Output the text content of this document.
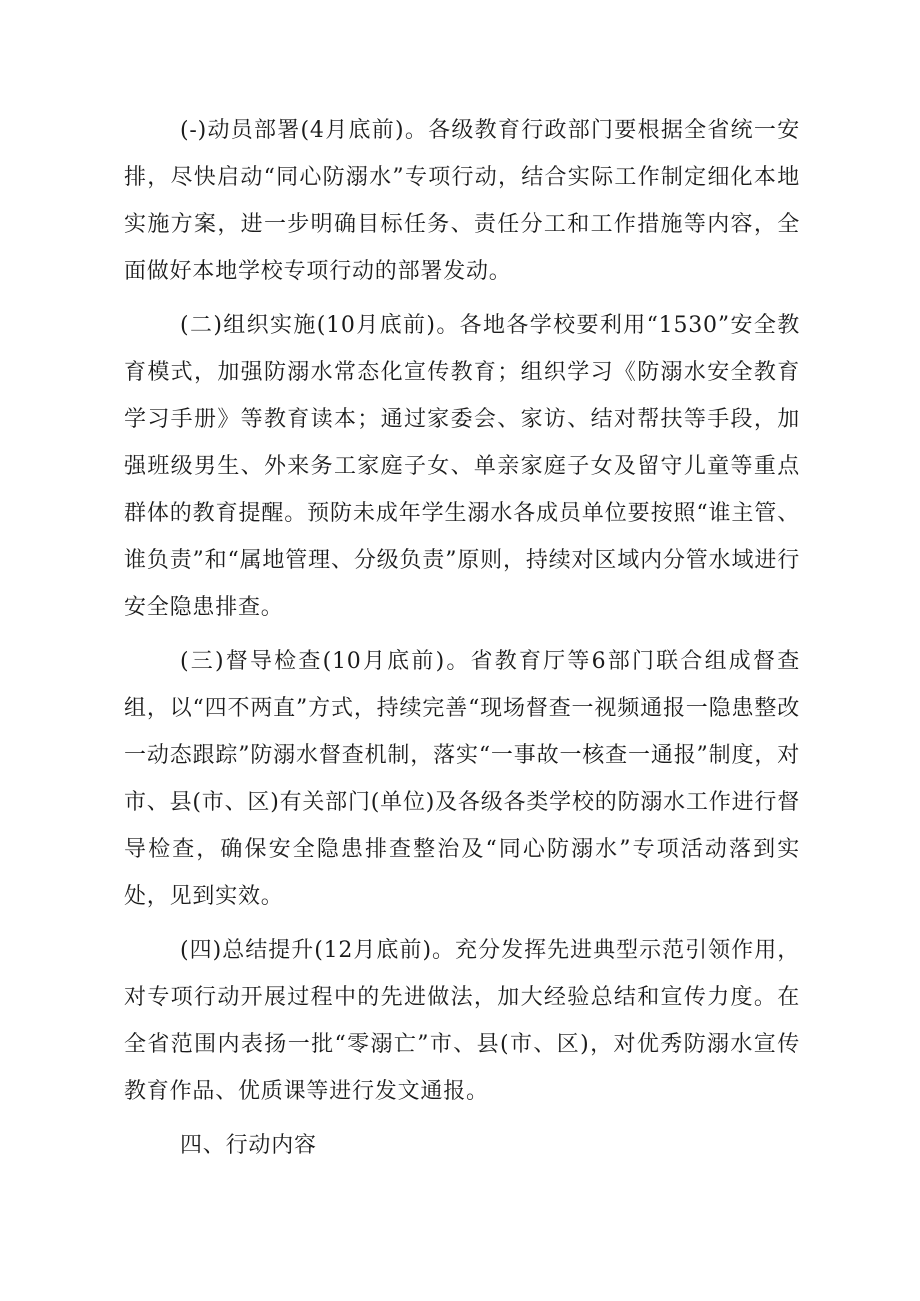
(-)动员部署(4月底前)。各级教育行政部门要根据全省统一安排，尽快启动“同心防溺水”专项行动，结合实际工作制定细化本地实施方案，进一步明确目标任务、责任分工和工作措施等内容，全面做好本地学校专项行动的部署发动。

(二)组织实施(10月底前)。各地各学校要利用“1530”安全教育模式，加强防溺水常态化宣传教育；组织学习《防溺水安全教育学习手册》等教育读本；通过家委会、家访、结对帮扶等手段，加强班级男生、外来务工家庭子女、单亲家庭子女及留守儿童等重点群体的教育提醒。预防未成年学生溺水各成员单位要按照“谁主管、谁负责”和“属地管理、分级负责”原则，持续对区域内分管水域进行安全隐患排查。

(三)督导检查(10月底前)。省教育厅等6部门联合组成督查组，以“四不两直”方式，持续完善“现场督查一视频通报一隐患整改一动态跟踪”防溺水督查机制，落实“一事故一核查一通报”制度，对市、县(市、区)有关部门(单位)及各级各类学校的防溺水工作进行督导检查，确保安全隐患排查整治及“同心防溺水”专项活动落到实处，见到实效。

(四)总结提升(12月底前)。充分发挥先进典型示范引领作用，对专项行动开展过程中的先进做法，加大经验总结和宣传力度。在全省范围内表扬一批“零溺亡”市、县(市、区)，对优秀防溺水宣传教育作品、优质课等进行发文通报。

四、行动内容
